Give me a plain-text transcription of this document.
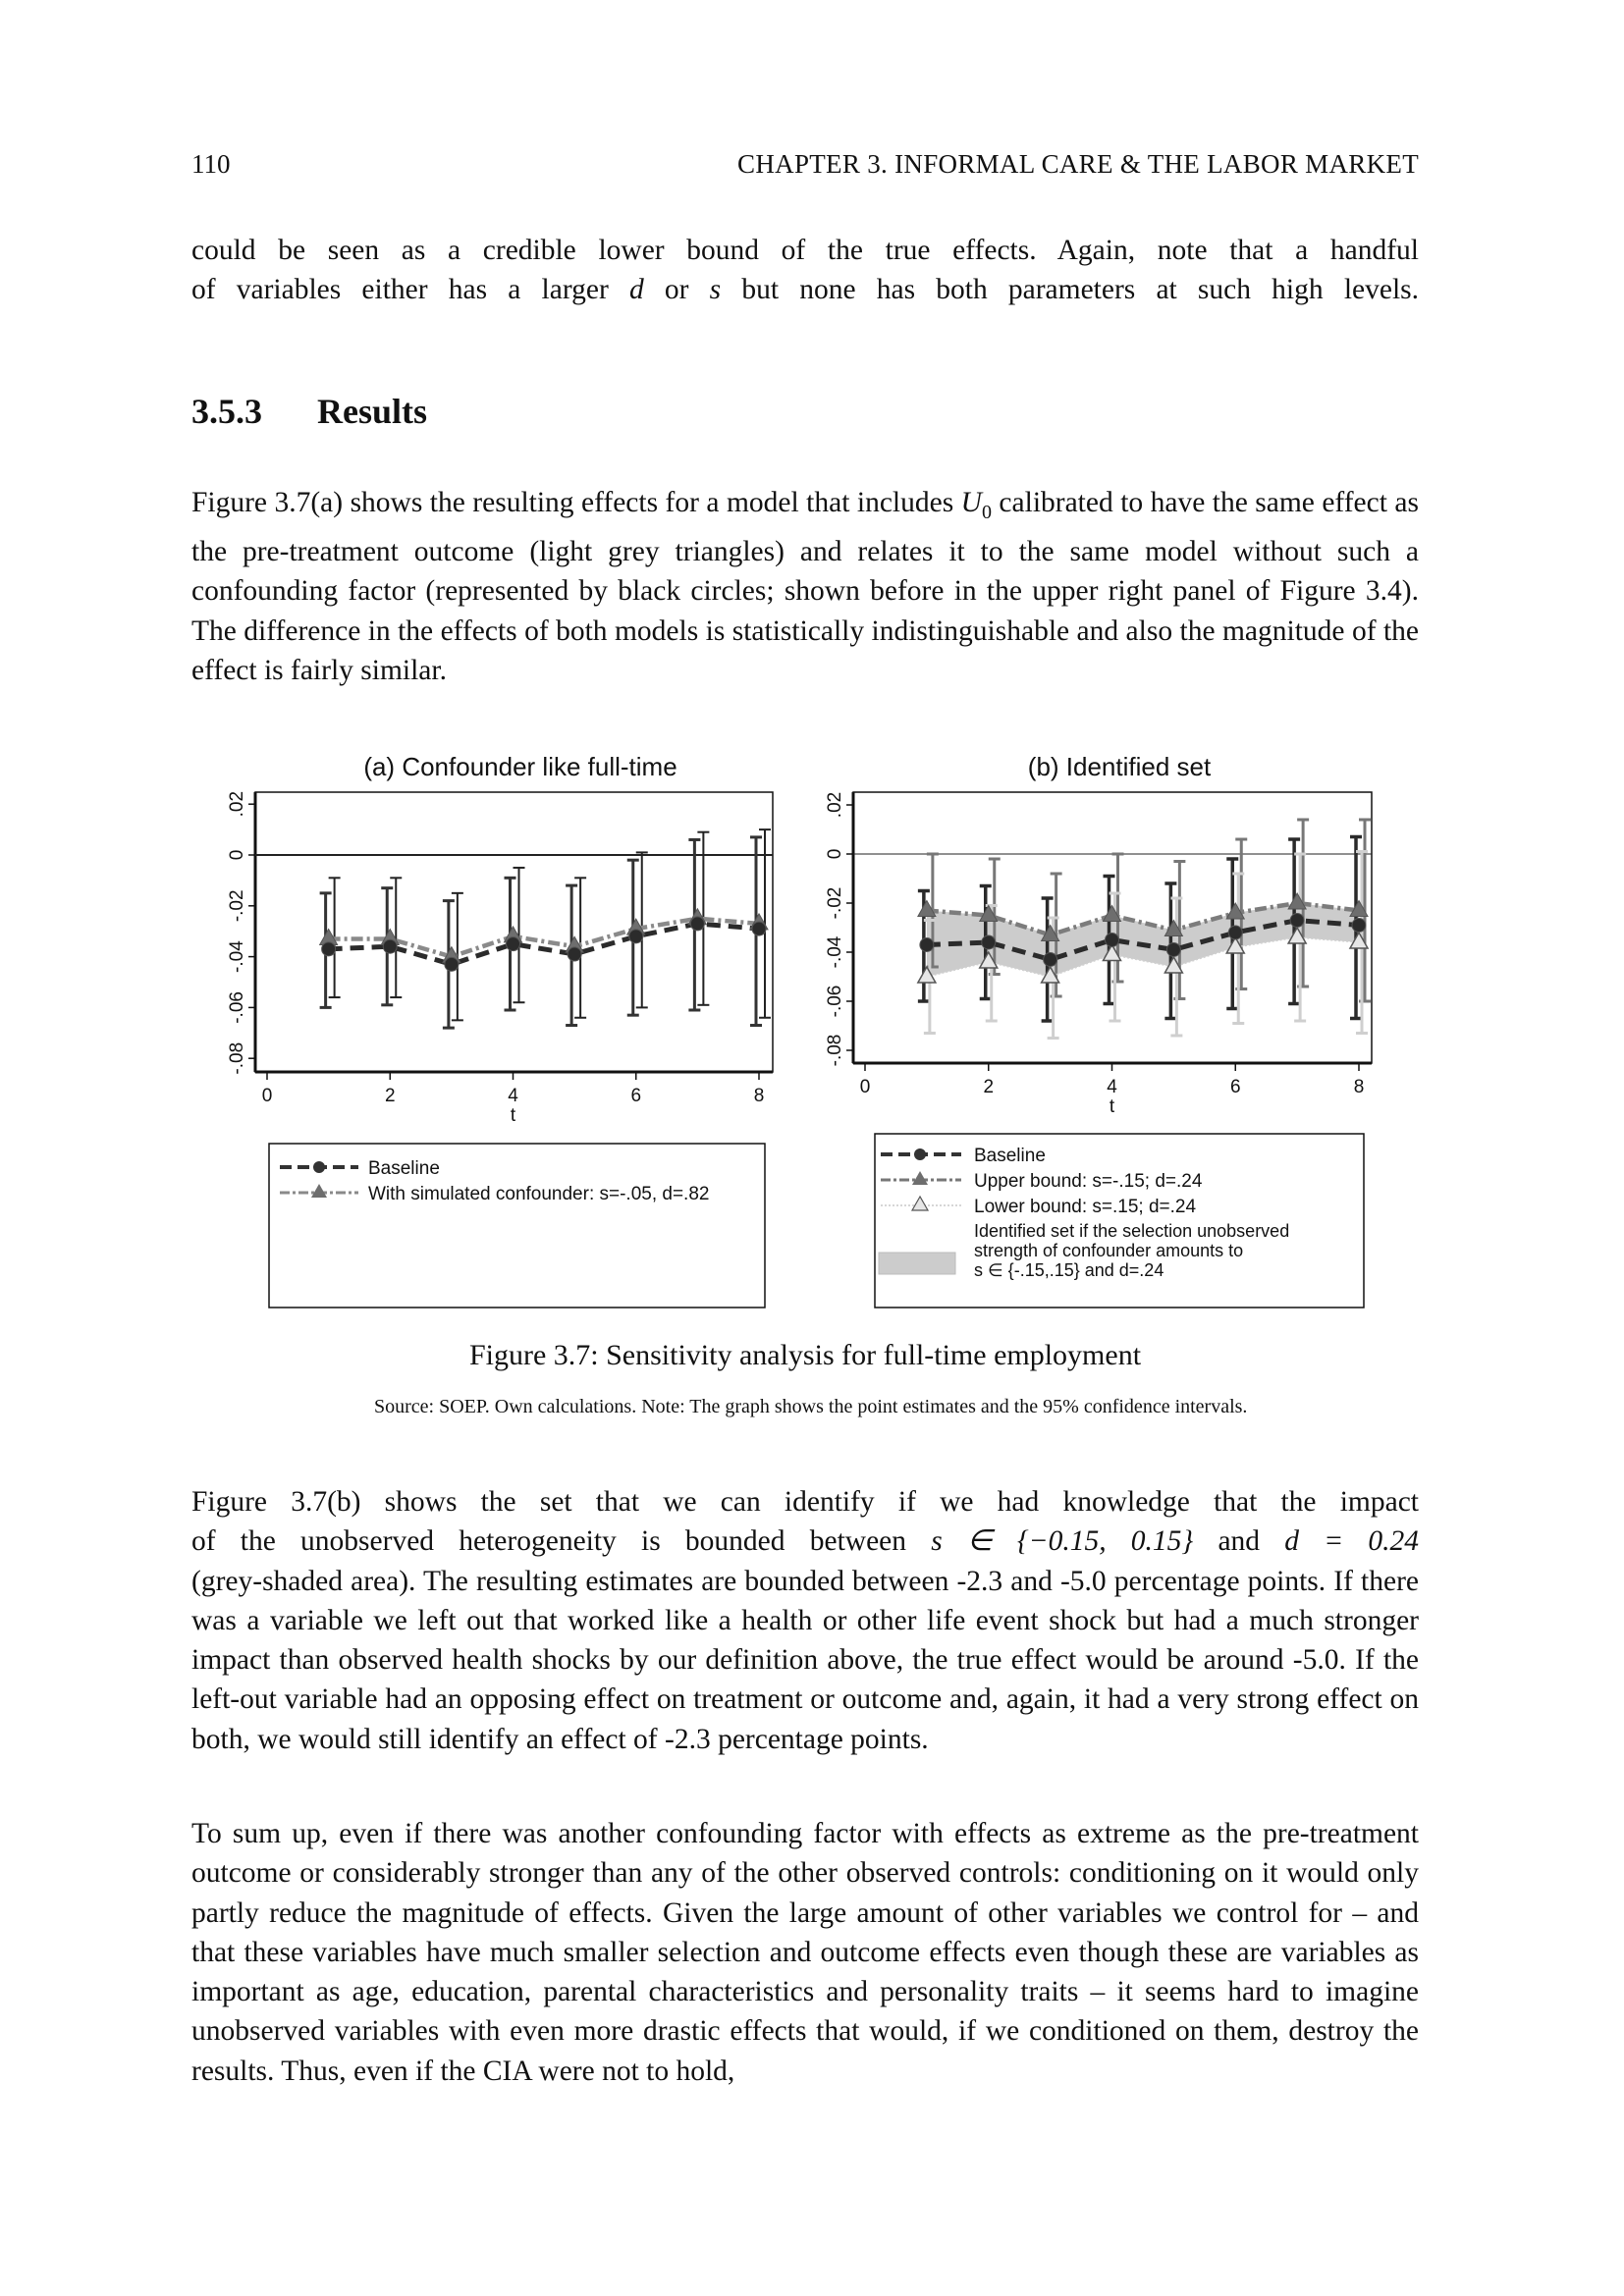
110	CHAPTER 3. INFORMAL CARE & THE LABOR MARKET
could be seen as a credible lower bound of the true effects. Again, note that a handful
of variables either has a larger d or s but none has both parameters at such high levels.
3.5.3 Results
Figure 3.7(a) shows the resulting effects for a model that includes $U_0$ calibrated to have the same effect as the pre-treatment outcome (light grey triangles) and relates it to the same model without such a confounding factor (represented by black circles; shown before in the upper right panel of Figure 3.4). The difference in the effects of both models is statistically indistinguishable and also the magnitude of the effect is fairly similar.
(a) Confounder like full-time
-.08
-.06
-.04
-.02
0
.02
0	2	4	6	8
t
(b) Identified set
-.08
-.06
-.04
-.02
0
.02
0	2	4	6	8
t
Baseline
With simulated confounder: s=-.05, d=.82
Baseline
Upper bound: s=-.15; d=.24
Lower bound: s=.15; d=.24
Identified set if the selection unobserved
strength of confounder amounts to
s ∈ {-.15,.15} and d=.24
Figure 3.7: Sensitivity analysis for full-time employment
Source: SOEP. Own calculations. Note: The graph shows the point estimates and the 95% confidence intervals.
Figure 3.7(b) shows the set that we can identify if we had knowledge that the impact
of the unobserved heterogeneity is bounded between s ∈ {−0.15, 0.15} and d = 0.24
(grey-shaded area). The resulting estimates are bounded between -2.3 and -5.0 percentage points. If there was a variable we left out that worked like a health or other life event shock but had a much stronger impact than observed health shocks by our definition above, the true effect would be around -5.0. If the left-out variable had an opposing effect on treatment or outcome and, again, it had a very strong effect on both, we would still identify an effect of -2.3 percentage points.
To sum up, even if there was another confounding factor with effects as extreme as the pre-treatment outcome or considerably stronger than any of the other observed controls: conditioning on it would only partly reduce the magnitude of effects. Given the large amount of other variables we control for – and that these variables have much smaller selection and outcome effects even though these are variables as important as age, education, parental characteristics and personality traits – it seems hard to imagine unobserved variables with even more drastic effects that would, if we conditioned on them, destroy the results. Thus, even if the CIA were not to hold,
